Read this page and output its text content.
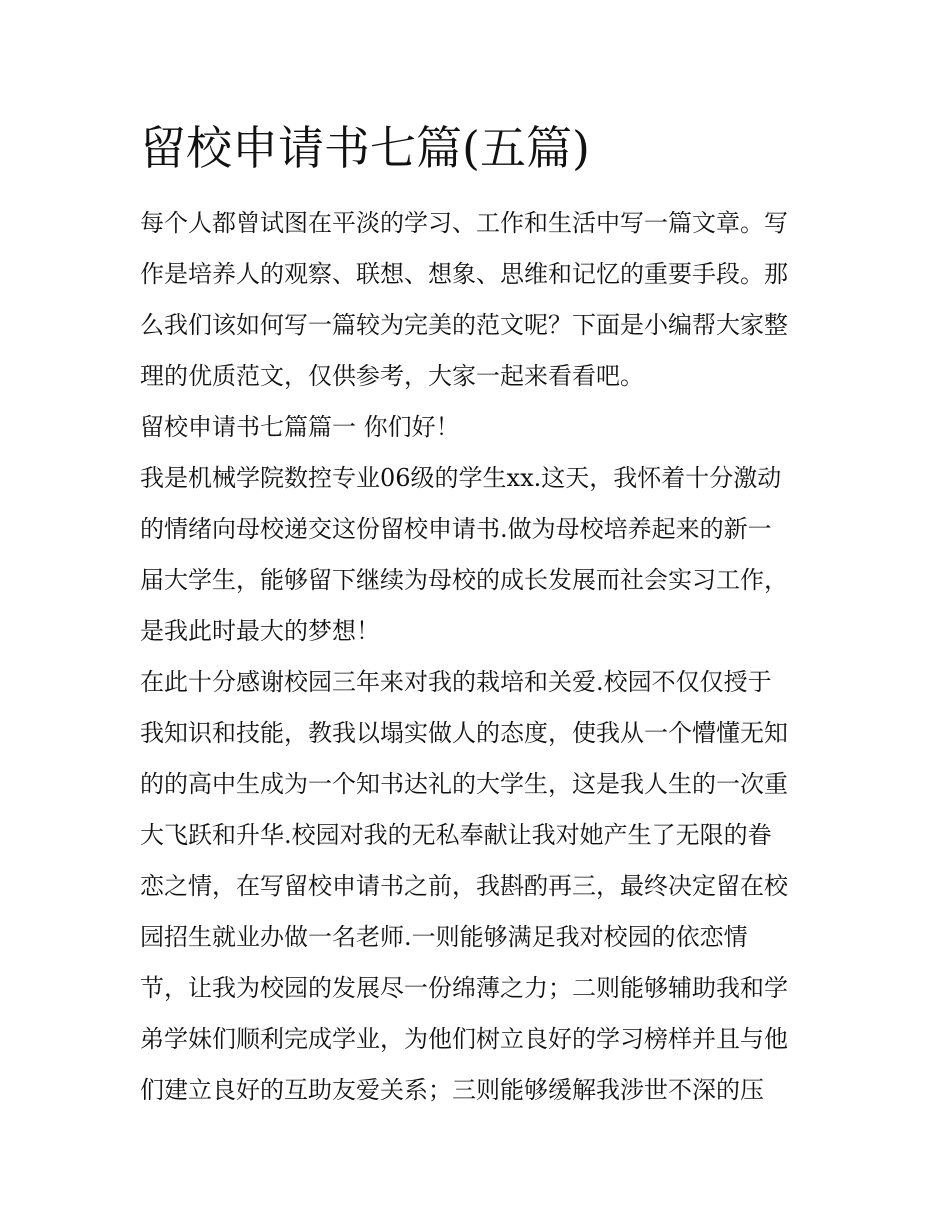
留校申请书七篇(五篇)
每个人都曾试图在平淡的学习、工作和生活中写一篇文章。写
作是培养人的观察、联想、想象、思维和记忆的重要手段。那
么我们该如何写一篇较为完美的范文呢？下面是小编帮大家整
理的优质范文，仅供参考，大家一起来看看吧。
留校申请书七篇篇一 你们好！
我是机械学院数控专业06级的学生xx.这天，我怀着十分激动
的情绪向母校递交这份留校申请书.做为母校培养起来的新一
届大学生，能够留下继续为母校的成长发展而社会实习工作，
是我此时最大的梦想！
在此十分感谢校园三年来对我的栽培和关爱.校园不仅仅授于
我知识和技能，教我以塌实做人的态度，使我从一个懵懂无知
的的高中生成为一个知书达礼的大学生，这是我人生的一次重
大飞跃和升华.校园对我的无私奉献让我对她产生了无限的眷
恋之情，在写留校申请书之前，我斟酌再三，最终决定留在校
园招生就业办做一名老师.一则能够满足我对校园的依恋情
节，让我为校园的发展尽一份绵薄之力；二则能够辅助我和学
弟学妹们顺利完成学业，为他们树立良好的学习榜样并且与他
们建立良好的互助友爱关系；三则能够缓解我涉世不深的压
